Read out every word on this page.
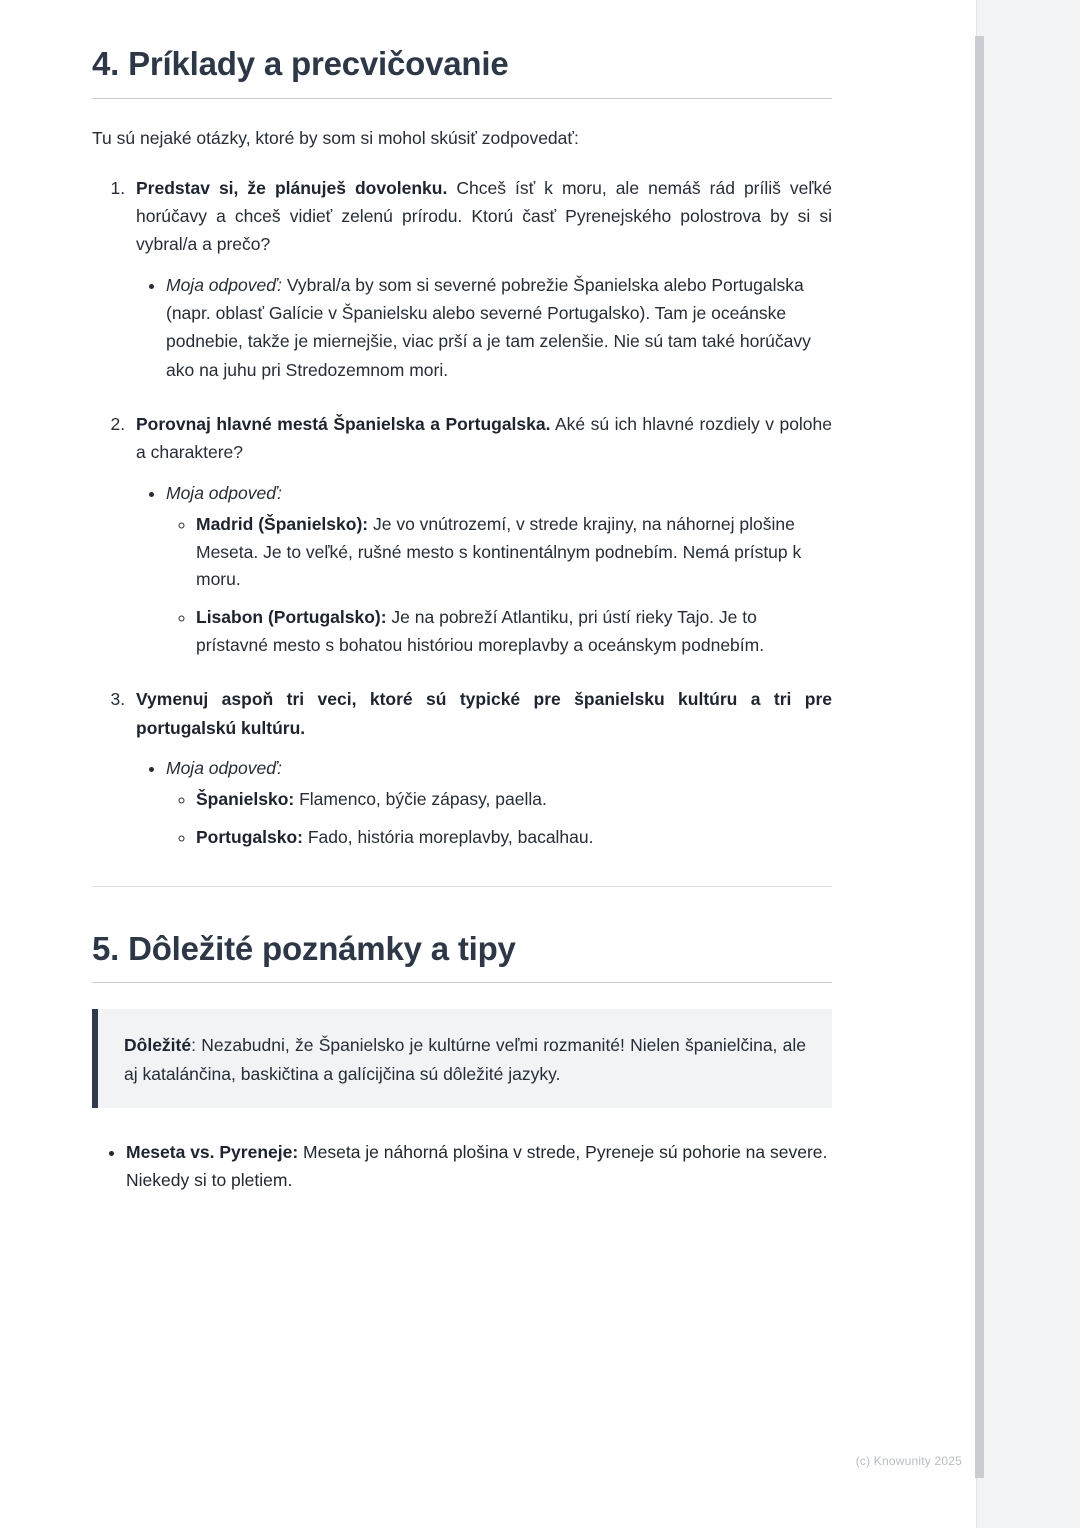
4. Príklady a precvičovanie

Tu sú nejaké otázky, ktoré by som si mohol skúsiť zodpovedať:

1. Predstav si, že plánuješ dovolenku. Chceš ísť k moru, ale nemáš rád príliš veľké horúčavy a chceš vidieť zelenú prírodu. Ktorú časť Pyrenejského polostrova by si si vybral/a a prečo?
• Moja odpoveď: Vybral/a by som si severné pobrežie Španielska alebo Portugalska (napr. oblasť Galície v Španielsku alebo severné Portugalsko). Tam je oceánske podnebie, takže je miernejšie, viac prší a je tam zelenšie. Nie sú tam také horúčavy ako na juhu pri Stredozemnom mori.
2. Porovnaj hlavné mestá Španielska a Portugalska. Aké sú ich hlavné rozdiely v polohe a charaktere?
• Moja odpoveď:
◦ Madrid (Španielsko): Je vo vnútrozemí, v strede krajiny, na náhornej plošine Meseta. Je to veľké, rušné mesto s kontinentálnym podnebím. Nemá prístup k moru.
◦ Lisabon (Portugalsko): Je na pobreží Atlantiku, pri ústí rieky Tajo. Je to prístavné mesto s bohatou históriou moreplavby a oceánskym podnebím.
3. Vymenuj aspoň tri veci, ktoré sú typické pre španielsku kultúru a tri pre portugalskú kultúru.
• Moja odpoveď:
◦ Španielsko: Flamenco, býčie zápasy, paella.
◦ Portugalsko: Fado, história moreplavby, bacalhau.
5. Dôležité poznámky a tipy

Dôležité: Nezabudni, že Španielsko je kultúrne veľmi rozmanité! Nielen španielčina, ale aj katalánčina, baskičtina a galícijčina sú dôležité jazyky.

• Meseta vs. Pyreneje: Meseta je náhorná plošina v strede, Pyreneje sú pohorie na severe. Niekedy si to pletiem.
(c) Knowunity 2025
